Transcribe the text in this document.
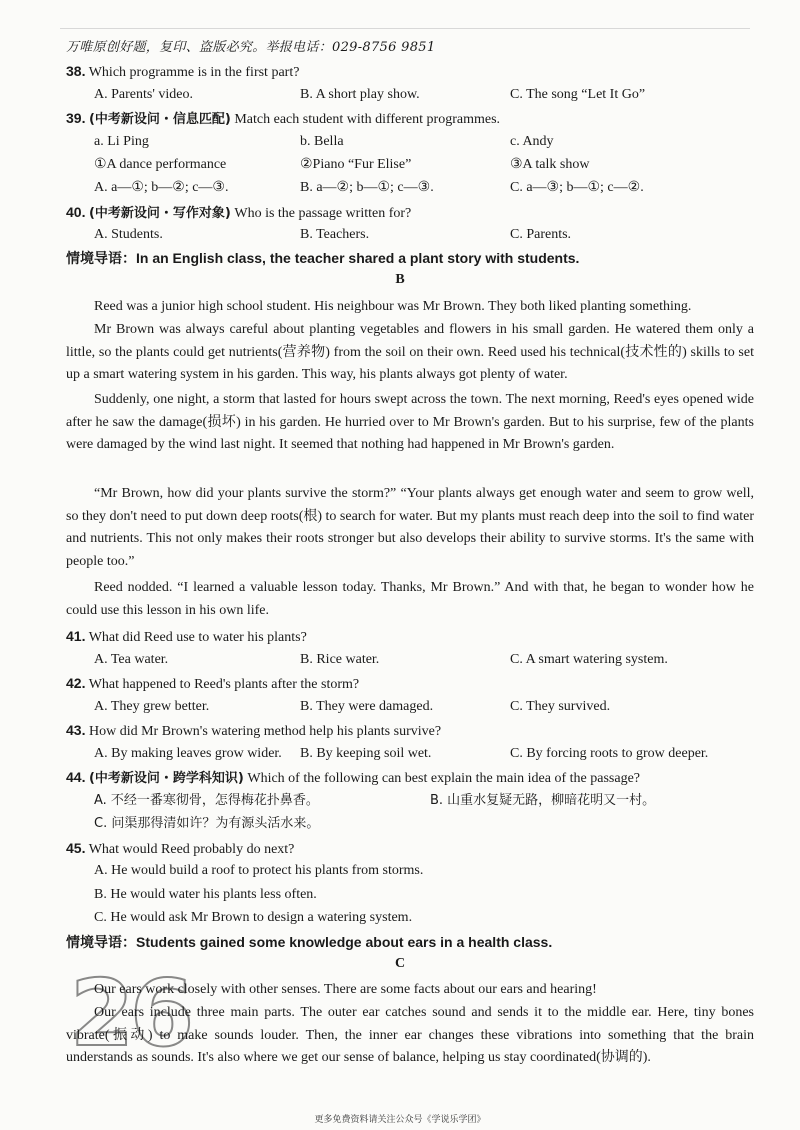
万唯原创好题，复印、盗版必究。举报电话：029-8756 9851
38. Which programme is in the first part?
A. Parents' video.	B. A short play show.	C. The song “Let It Go”
39. (中考新设问・信息匹配) Match each student with different programmes.
a. Li Ping	b. Bella	c. Andy
①A dance performance	②Piano “Fur Elise”	③A talk show
A. a—①; b—②; c—③.	B. a—②; b—①; c—③.	C. a—③; b—①; c—②.
40. (中考新设问・写作对象) Who is the passage written for?
A. Students.	B. Teachers.	C. Parents.
情境导语：In an English class, the teacher shared a plant story with students.
B
Reed was a junior high school student. His neighbour was Mr Brown. They both liked planting something.
Mr Brown was always careful about planting vegetables and flowers in his small garden. He watered them only a little, so the plants could get nutrients(营养物) from the soil on their own. Reed used his technical(技术性的) skills to set up a smart watering system in his garden. This way, his plants always got plenty of water.
Suddenly, one night, a storm that lasted for hours swept across the town. The next morning, Reed's eyes opened wide after he saw the damage(损坏) in his garden. He hurried over to Mr Brown's garden. But to his surprise, few of the plants were damaged by the wind last night. It seemed that nothing had happened in Mr Brown's garden.
“Mr Brown, how did your plants survive the storm?” “Your plants always get enough water and seem to grow well, so they don't need to put down deep roots(根) to search for water. But my plants must reach deep into the soil to find water and nutrients. This not only makes their roots stronger but also develops their ability to survive storms. It's the same with people too.”
Reed nodded. “I learned a valuable lesson today. Thanks, Mr Brown.” And with that, he began to wonder how he could use this lesson in his own life.
41. What did Reed use to water his plants?
A. Tea water.	B. Rice water.	C. A smart watering system.
42. What happened to Reed's plants after the storm?
A. They grew better.	B. They were damaged.	C. They survived.
43. How did Mr Brown's watering method help his plants survive?
A. By making leaves grow wider. B. By keeping soil wet.	C. By forcing roots to grow deeper.
44. (中考新设问・跨学科知识) Which of the following can best explain the main idea of the passage?
A. 不经一番寒彻骨，怎得梅花扑鼻香。	B. 山重水复疑无路，柳暗花明又一村。
C. 问渠那得清如许？为有源头活水来。
45. What would Reed probably do next?
A. He would build a roof to protect his plants from storms.
B. He would water his plants less often.
C. He would ask Mr Brown to design a watering system.
情境导语：Students gained some knowledge about ears in a health class.
C
26
Our ears work closely with other senses. There are some facts about our ears and hearing!
Our ears include three main parts. The outer ear catches sound and sends it to the middle ear. Here, tiny bones vibrate(振动) to make sounds louder. Then, the inner ear changes these vibrations into something that the brain understands as sounds. It's also where we get our sense of balance, helping us stay coordinated(协调的).
更多免费资料请关注公众号《学说乐学团》
